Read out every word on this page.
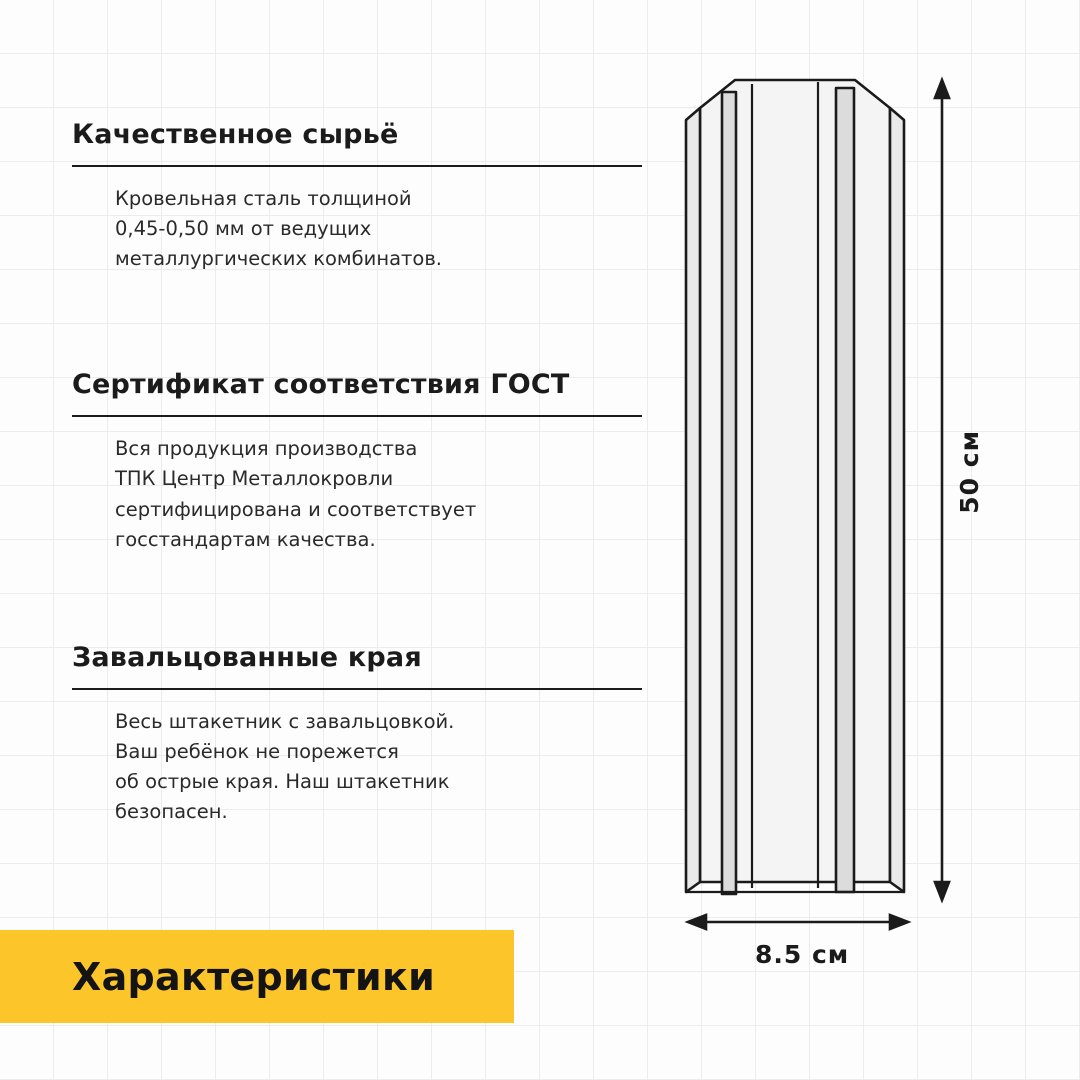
Качественное сырьё
Кровельная сталь толщиной
0,45-0,50 мм от ведущих
металлургических комбинатов.
Сертификат соответствия ГОСТ
Вся продукция производства
ТПК Центр Металлокровли
сертифицирована и соответствует
госстандартам качества.
Завальцованные края
Весь штакетник с завальцовкой.
Ваш ребёнок не порежется
об острые края. Наш штакетник
безопасен.
Характеристики
50 см
8.5 см
